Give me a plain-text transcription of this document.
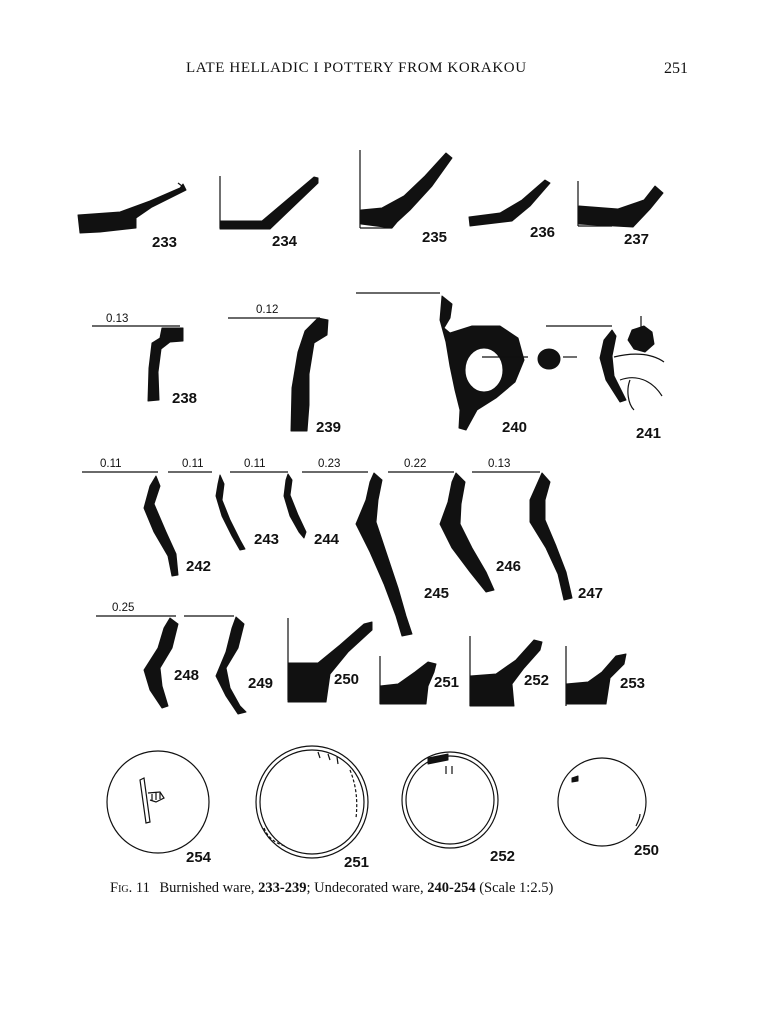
LATE HELLADIC I POTTERY FROM KORAKOU	251
233	234	235	236	237
0.13
238
0.12
239	240	241
0.11
242
0.11
243
0.11
244
0.23
245
0.22
246
0.13
247
0.25
248	249	250	251	252	253
254	251	252	250
Fig. 11 Burnished ware, 233-239; Undecorated ware, 240-254 (Scale 1:2.5)
